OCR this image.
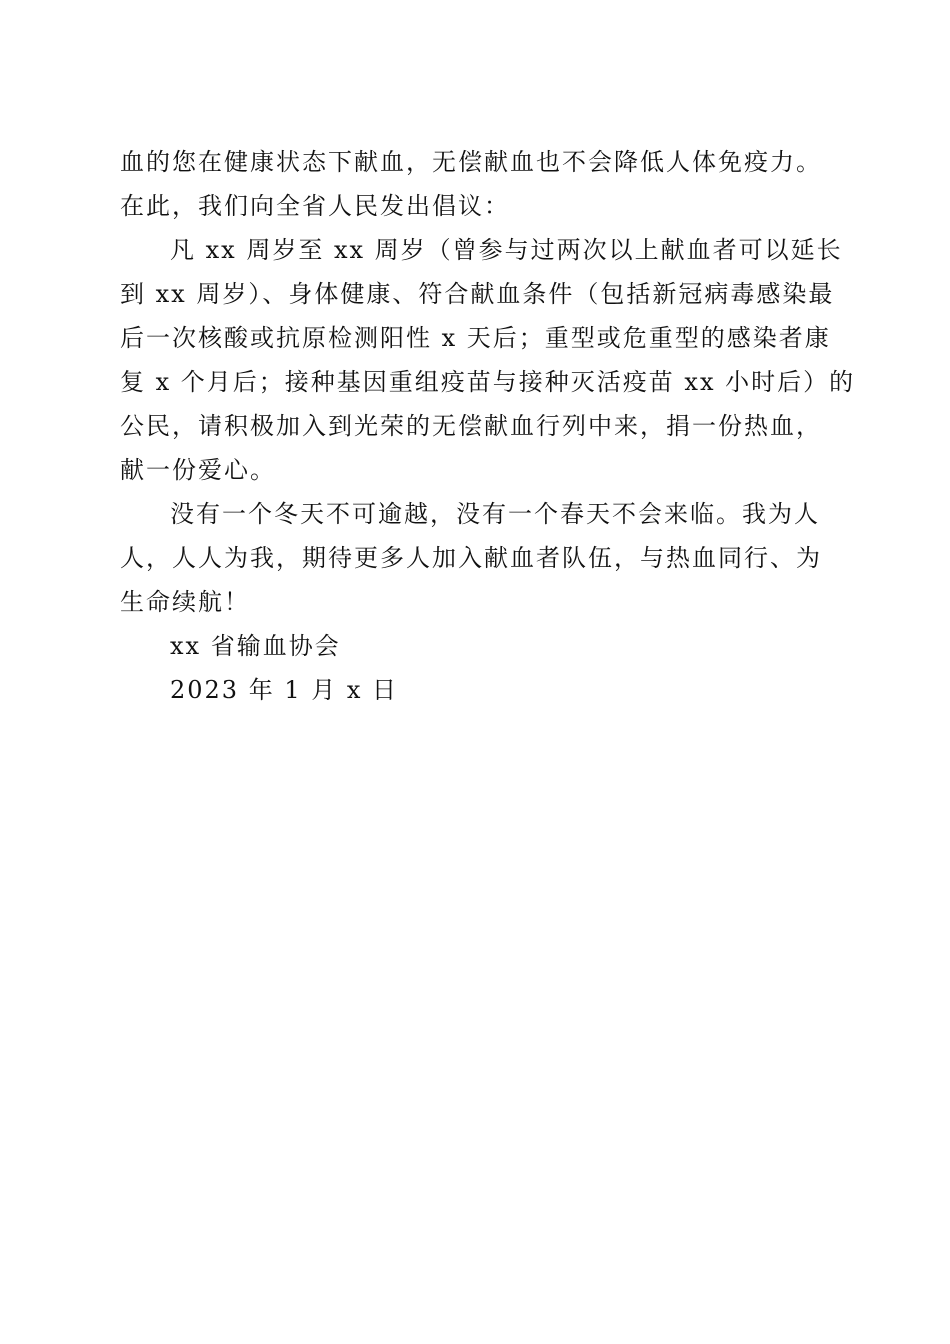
血的您在健康状态下献血，无偿献血也不会降低人体免疫力。
在此，我们向全省人民发出倡议：
凡 xx 周岁至 xx 周岁（曾参与过两次以上献血者可以延长
到 xx 周岁）、身体健康、符合献血条件（包括新冠病毒感染最
后一次核酸或抗原检测阳性 x 天后；重型或危重型的感染者康
复 x 个月后；接种基因重组疫苗与接种灭活疫苗 xx 小时后）的
公民，请积极加入到光荣的无偿献血行列中来，捐一份热血，
献一份爱心。
没有一个冬天不可逾越，没有一个春天不会来临。我为人
人，人人为我，期待更多人加入献血者队伍，与热血同行、为
生命续航！
xx 省输血协会
2023 年 1 月 x 日
